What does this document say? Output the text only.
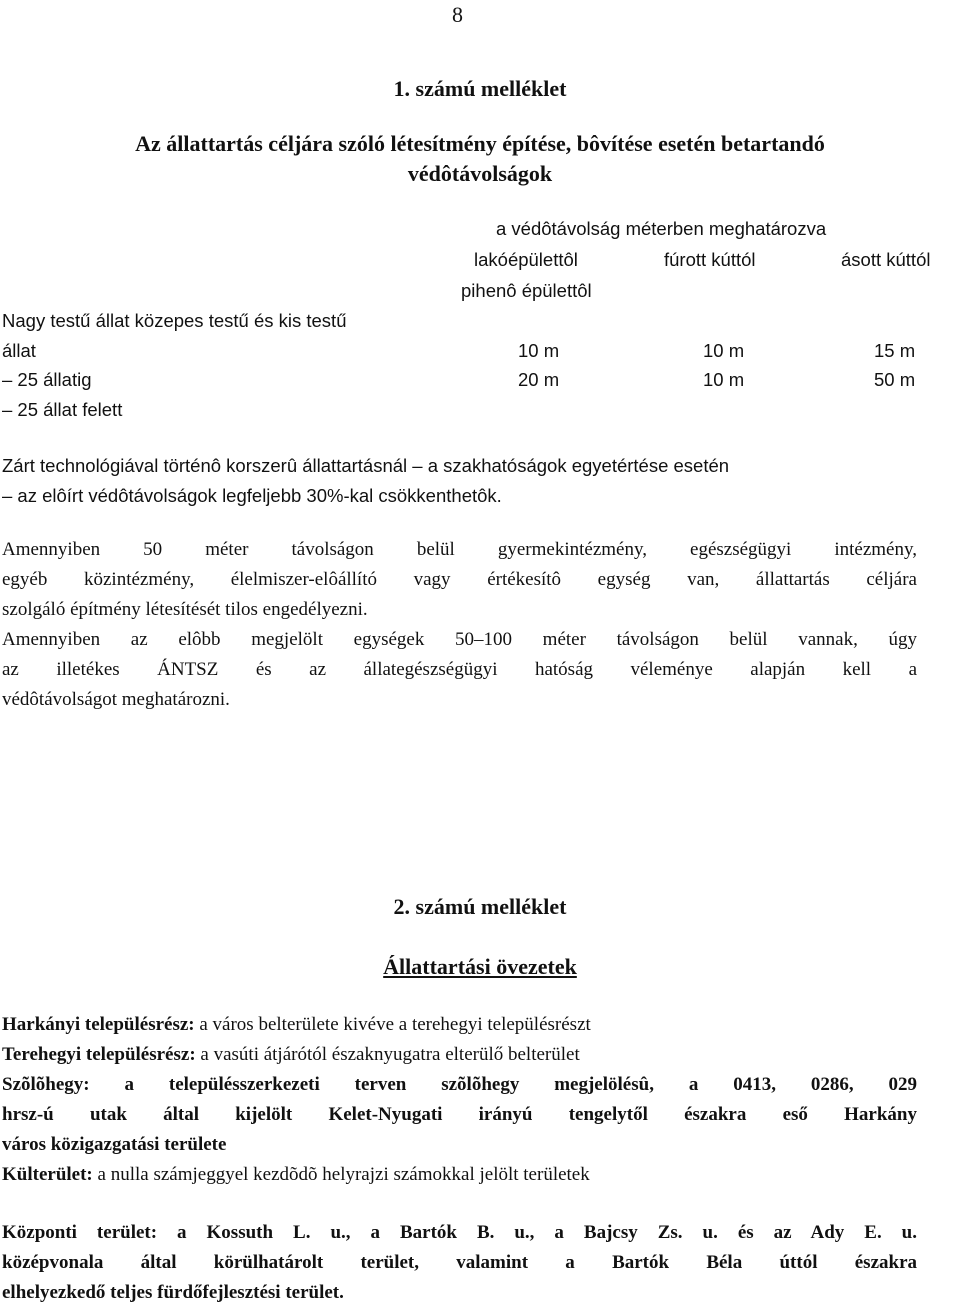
8
1. számú melléklet
Az állattartás céljára szóló létesítmény építése, bôvítése esetén betartandó
védôtávolságok
a védôtávolság méterben meghatározva
lakóépülettôl	fúrott kúttól	ásott kúttól
pihenô épülettôl
Nagy testű állat közepes testű és kis testű
állat	10 m	10 m	15 m
– 25 állatig	20 m	10 m	50 m
– 25 állat felett
Zárt technológiával történô korszerû állattartásnál – a szakhatóságok egyetértése esetén
– az elôírt védôtávolságok legfeljebb 30%-kal csökkenthetôk.
Amennyiben 50 méter távolságon belül gyermekintézmény, egészségügyi intézmény,
egyéb közintézmény, élelmiszer-elôállító vagy értékesítô egység van, állattartás céljára
szolgáló építmény létesítését tilos engedélyezni.
Amennyiben az elôbb megjelölt egységek 50–100 méter távolságon belül vannak, úgy
az illetékes ÁNTSZ és az állategészségügyi hatóság véleménye alapján kell a
védôtávolságot meghatározni.
2. számú melléklet
Állattartási övezetek
Harkányi településrész: a város belterülete kivéve a terehegyi településrészt
Terehegyi településrész: a vasúti átjárótól északnyugatra elterülő belterület
Szõlõhegy: a településszerkezeti terven szõlõhegy megjelölésû, a 0413, 0286, 029
hrsz-ú utak által kijelölt Kelet-Nyugati irányú tengelytől északra eső Harkány
város közigazgatási területe
Külterület: a nulla számjeggyel kezdõdõ helyrajzi számokkal jelölt területek
Központi terület: a Kossuth L. u., a Bartók B. u., a Bajcsy Zs. u. és az Ady E. u.
középvonala által körülhatárolt terület, valamint a Bartók Béla úttól északra
elhelyezkedő teljes fürdőfejlesztési terület.
